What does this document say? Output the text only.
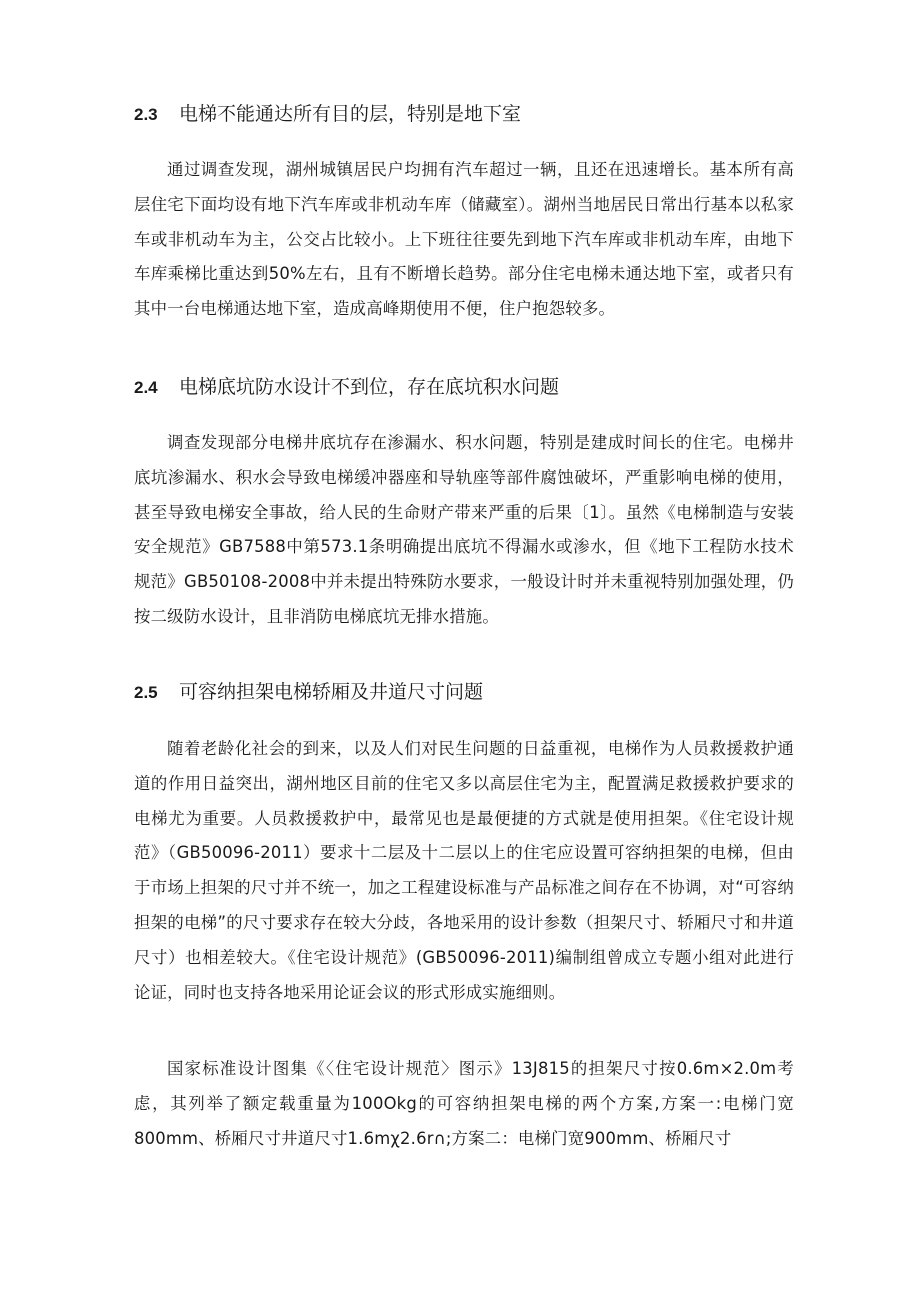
2.3 电梯不能通达所有目的层，特别是地下室

通过调查发现，湖州城镇居民户均拥有汽车超过一辆，且还在迅速增长。基本所有高层住宅下面均设有地下汽车库或非机动车库（储藏室）。湖州当地居民日常出行基本以私家车或非机动车为主，公交占比较小。上下班往往要先到地下汽车库或非机动车库，由地下车库乘梯比重达到50%左右，且有不断增长趋势。部分住宅电梯未通达地下室，或者只有其中一台电梯通达地下室，造成高峰期使用不便，住户抱怨较多。

2.4 电梯底坑防水设计不到位，存在底坑积水问题

调查发现部分电梯井底坑存在渗漏水、积水问题，特别是建成时间长的住宅。电梯井底坑渗漏水、积水会导致电梯缓冲器座和导轨座等部件腐蚀破坏，严重影响电梯的使用，甚至导致电梯安全事故，给人民的生命财产带来严重的后果〔1〕。虽然《电梯制造与安装安全规范》GB7588中第573.1条明确提出底坑不得漏水或渗水，但《地下工程防水技术规范》GB50108-2008中并未提出特殊防水要求，一般设计时并未重视特别加强处理，仍按二级防水设计，且非消防电梯底坑无排水措施。

2.5 可容纳担架电梯轿厢及井道尺寸问题

随着老龄化社会的到来，以及人们对民生问题的日益重视，电梯作为人员救援救护通道的作用日益突出，湖州地区目前的住宅又多以高层住宅为主，配置满足救援救护要求的电梯尤为重要。人员救援救护中，最常见也是最便捷的方式就是使用担架。《住宅设计规范》（GB50096-2011）要求十二层及十二层以上的住宅应设置可容纳担架的电梯，但由于市场上担架的尺寸并不统一，加之工程建设标准与产品标准之间存在不协调，对“可容纳担架的电梯”的尺寸要求存在较大分歧，各地采用的设计参数（担架尺寸、轿厢尺寸和井道尺寸）也相差较大。《住宅设计规范》(GB50096-2011)编制组曾成立专题小组对此进行论证，同时也支持各地采用论证会议的形式形成实施细则。

国家标准设计图集《〈住宅设计规范〉图示》13J815的担架尺寸按0.6m×2.0m考虑，其列举了额定载重量为100Okg的可容纳担架电梯的两个方案,方案一:电梯门宽800mm、桥厢尺寸井道尺寸1.6mχ2.6r∩;方案二：电梯门宽900mm、桥厢尺寸
